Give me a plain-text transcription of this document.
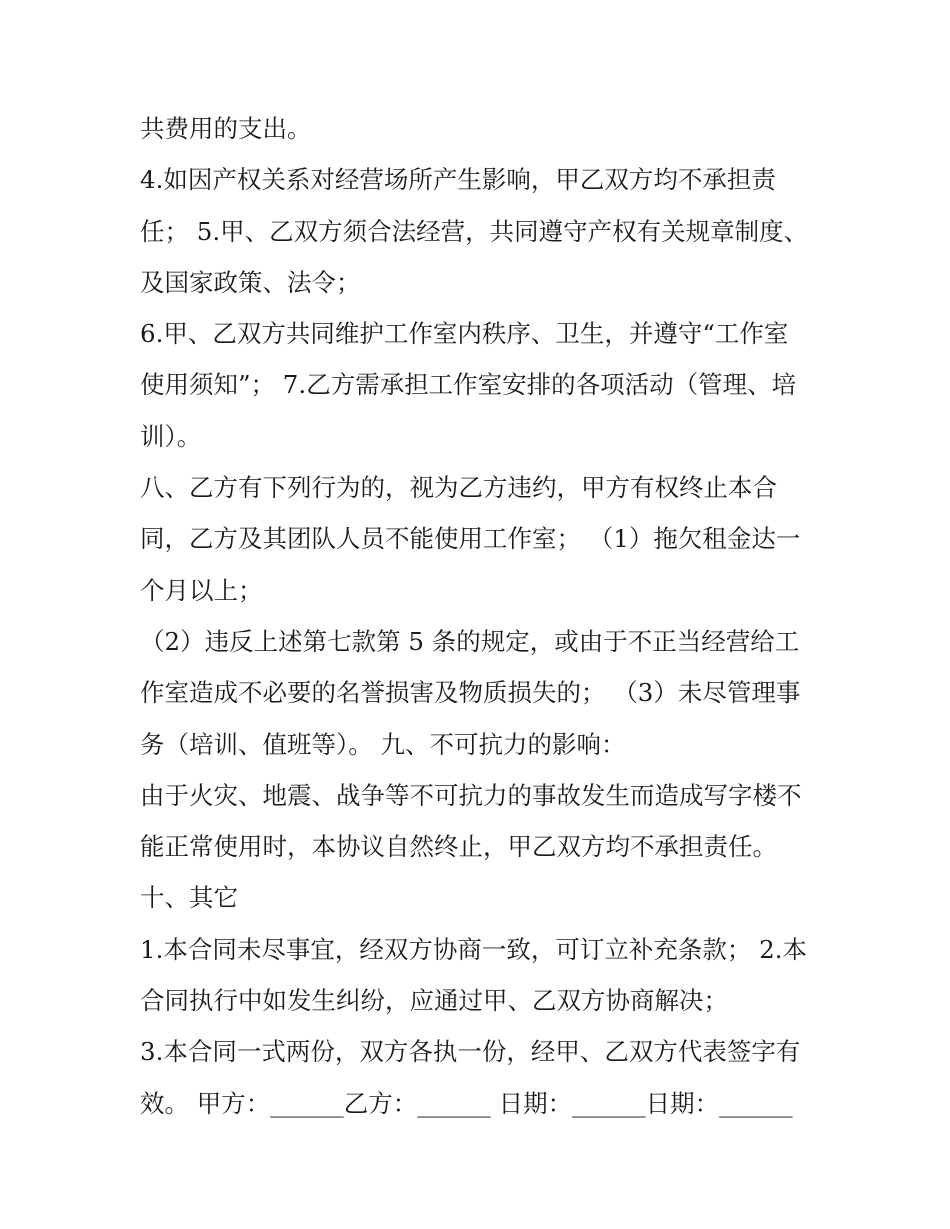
共费用的支出。
4.如因产权关系对经营场所产生影响，甲乙双方均不承担责
任； 5.甲、乙双方须合法经营，共同遵守产权有关规章制度、
及国家政策、法令；
6.甲、乙双方共同维护工作室内秩序、卫生，并遵守“工作室
使用须知”； 7.乙方需承担工作室安排的各项活动（管理、培
训）。
八、乙方有下列行为的，视为乙方违约，甲方有权终止本合
同，乙方及其团队人员不能使用工作室； （1）拖欠租金达一
个月以上；
（2）违反上述第七款第 5 条的规定，或由于不正当经营给工
作室造成不必要的名誉损害及物质损失的； （3）未尽管理事
务（培训、值班等）。 九、不可抗力的影响：
由于火灾、地震、战争等不可抗力的事故发生而造成写字楼不
能正常使用时，本协议自然终止，甲乙双方均不承担责任。
十、其它
1.本合同未尽事宜，经双方协商一致，可订立补充条款； 2.本
合同执行中如发生纠纷，应通过甲、乙双方协商解决；
3.本合同一式两份，双方各执一份，经甲、乙双方代表签字有
效。 甲方：______乙方：______ 日期：______日期：______
